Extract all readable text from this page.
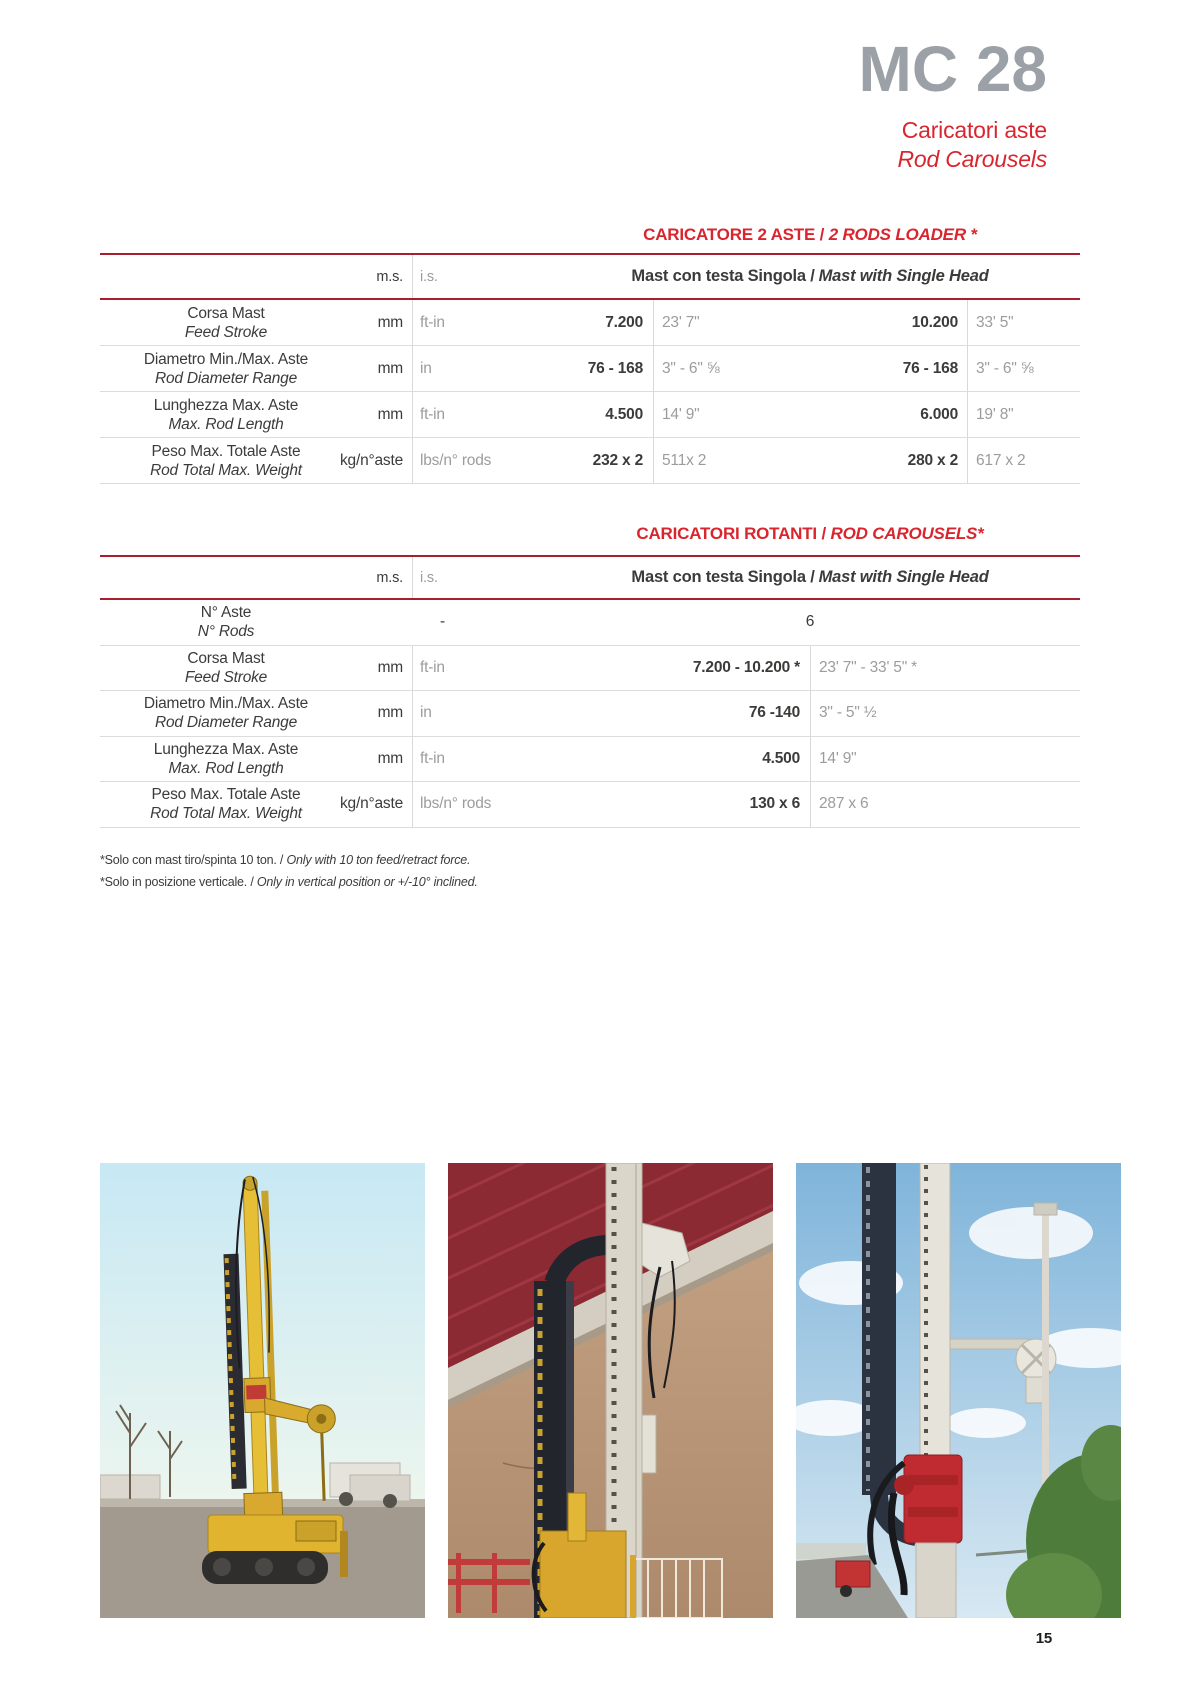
MC 28
Caricatori aste
Rod Carousels
CARICATORE 2 ASTE / 2 RODS LOADER *
m.s.	i.s.	Mast con testa Singola / Mast with Single Head
Corsa Mast
Feed Stroke
mm	ft-in	7.200	23' 7"	10.200	33' 5"
Diametro Min./Max. Aste
Rod Diameter Range
mm	in	76 - 168	3" - 6" ⅝	76 - 168	3" - 6" ⅝
Lunghezza Max. Aste
Max. Rod Length
mm	ft-in	4.500	14' 9"	6.000	19' 8"
Peso Max. Totale Aste
Rod Total Max. Weight
kg/n°aste	lbs/n° rods	232 x 2	511x 2	280 x 2	617 x 2
CARICATORI ROTANTI / ROD CAROUSELS*
m.s.	i.s.	Mast con testa Singola / Mast with Single Head
N° Aste
N° Rods
-	6
Corsa Mast
Feed Stroke
mm	ft-in	7.200 - 10.200 *	23' 7" - 33' 5" *
Diametro Min./Max. Aste
Rod Diameter Range
mm	in	76 -140	3" - 5" ½
Lunghezza Max. Aste
Max. Rod Length
mm	ft-in	4.500	14' 9"
Peso Max. Totale Aste
Rod Total Max. Weight
kg/n°aste	lbs/n° rods	130 x 6	287 x 6
*Solo con mast tiro/spinta 10 ton. / Only with 10 ton feed/retract force.
*Solo in posizione verticale. / Only in vertical position or +/-10° inclined.
15
